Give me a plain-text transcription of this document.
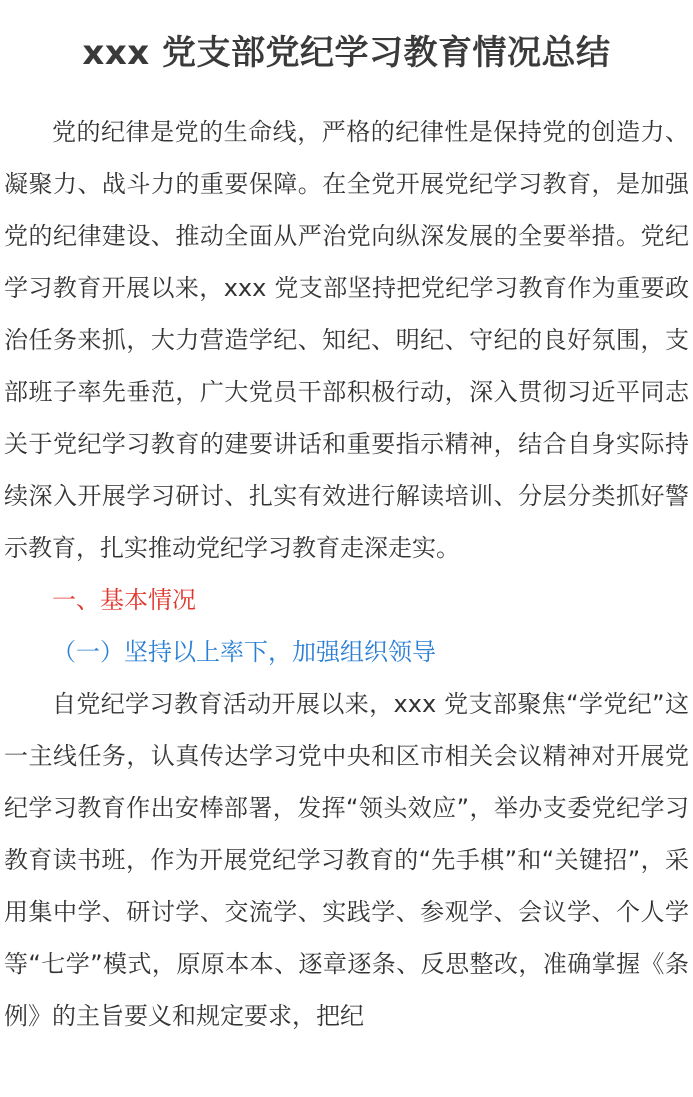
xxx 党支部党纪学习教育情况总结

党的纪律是党的生命线，严格的纪律性是保持党的创造力、凝聚力、战斗力的重要保障。在全党开展党纪学习教育，是加强党的纪律建设、推动全面从严治党向纵深发展的全要举措。党纪学习教育开展以来，xxx 党支部坚持把党纪学习教育作为重要政治任务来抓，大力营造学纪、知纪、明纪、守纪的良好氛围，支部班子率先垂范，广大党员干部积极行动，深入贯彻习近平同志关于党纪学习教育的建要讲话和重要指示精神，结合自身实际持续深入开展学习研讨、扎实有效进行解读培训、分层分类抓好警示教育，扎实推动党纪学习教育走深走实。

一、基本情况

（一）坚持以上率下，加强组织领导

自党纪学习教育活动开展以来，xxx 党支部聚焦“学党纪”这一主线任务，认真传达学习党中央和区市相关会议精神对开展党纪学习教育作出安棒部署，发挥“领头效应”，举办支委党纪学习教育读书班，作为开展党纪学习教育的“先手棋”和“关键招”，采用集中学、研讨学、交流学、实践学、参观学、会议学、个人学等“七学”模式，原原本本、逐章逐条、反思整改，准确掌握《条例》的主旨要义和规定要求，把纪
